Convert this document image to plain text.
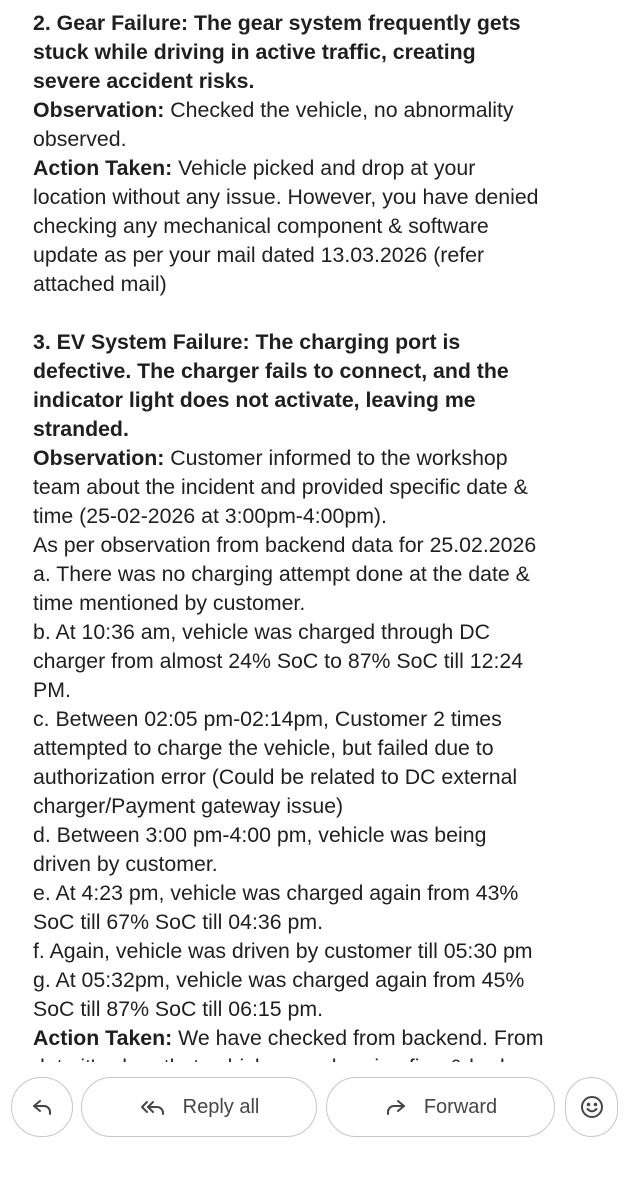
2. Gear Failure: The gear system frequently gets

stuck while driving in active traffic, creating

severe accident risks.

Observation: Checked the vehicle, no abnormality

observed.

Action Taken: Vehicle picked and drop at your

location without any issue. However, you have denied

checking any mechanical component & software

update as per your mail dated 13.03.2026 (refer

attached mail)

3. EV System Failure: The charging port is

defective. The charger fails to connect, and the

indicator light does not activate, leaving me

stranded.

Observation: Customer informed to the workshop

team about the incident and provided specific date &

time (25-02-2026 at 3:00pm-4:00pm).

As per observation from backend data for 25.02.2026

a. There was no charging attempt done at the date &

time mentioned by customer.

b. At 10:36 am, vehicle was charged through DC

charger from almost 24% SoC to 87% SoC till 12:24

PM.

c. Between 02:05 pm-02:14pm, Customer 2 times

attempted to charge the vehicle, but failed due to

authorization error (Could be related to DC external

charger/Payment gateway issue)

d. Between 3:00 pm-4:00 pm, vehicle was being

driven by customer.

e. At 4:23 pm, vehicle was charged again from 43%

SoC till 67% SoC till 04:36 pm.

f. Again, vehicle was driven by customer till 05:30 pm

g. At 05:32pm, vehicle was charged again from 45%

SoC till 87% SoC till 06:15 pm.

Action Taken: We have checked from backend. From

Reply all	Forward
